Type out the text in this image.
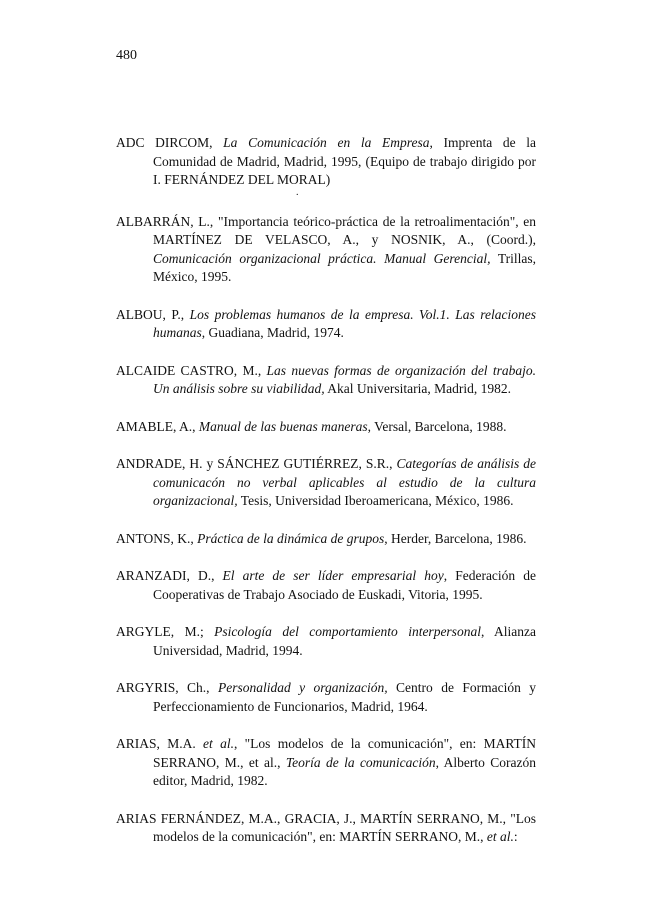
480

ADC DIRCOM, La Comunicación en la Empresa, Imprenta de la Comunidad de Madrid, Madrid, 1995, (Equipo de trabajo dirigido por I. FERNÁNDEZ DEL MORAL)
.

ALBARRÁN, L., "Importancia teórico-práctica de la retroalimentación", en MARTÍNEZ DE VELASCO, A., y NOSNIK, A., (Coord.), Comunicación organizacional práctica. Manual Gerencial, Trillas, México, 1995.

ALBOU, P., Los problemas humanos de la empresa. Vol.1. Las relaciones humanas, Guadiana, Madrid, 1974.

ALCAIDE CASTRO, M., Las nuevas formas de organización del trabajo. Un análisis sobre su viabilidad, Akal Universitaria, Madrid, 1982.

AMABLE, A., Manual de las buenas maneras, Versal, Barcelona, 1988.

ANDRADE, H. y SÁNCHEZ GUTIÉRREZ, S.R., Categorías de análisis de comunicacón no verbal aplicables al estudio de la cultura organizacional, Tesis, Universidad Iberoamericana, México, 1986.

ANTONS, K., Práctica de la dinámica de grupos, Herder, Barcelona, 1986.

ARANZADI, D., El arte de ser líder empresarial hoy, Federación de Cooperativas de Trabajo Asociado de Euskadi, Vitoria, 1995.

ARGYLE, M.; Psicología del comportamiento interpersonal, Alianza Universidad, Madrid, 1994.

ARGYRIS, Ch., Personalidad y organización, Centro de Formación y Perfeccionamiento de Funcionarios, Madrid, 1964.

ARIAS, M.A. et al., "Los modelos de la comunicación", en: MARTÍN SERRANO, M., et al., Teoría de la comunicación, Alberto Corazón editor, Madrid, 1982.

ARIAS FERNÁNDEZ, M.A., GRACIA, J., MARTÍN SERRANO, M., "Los modelos de la comunicación", en: MARTÍN SERRANO, M., et al.:
